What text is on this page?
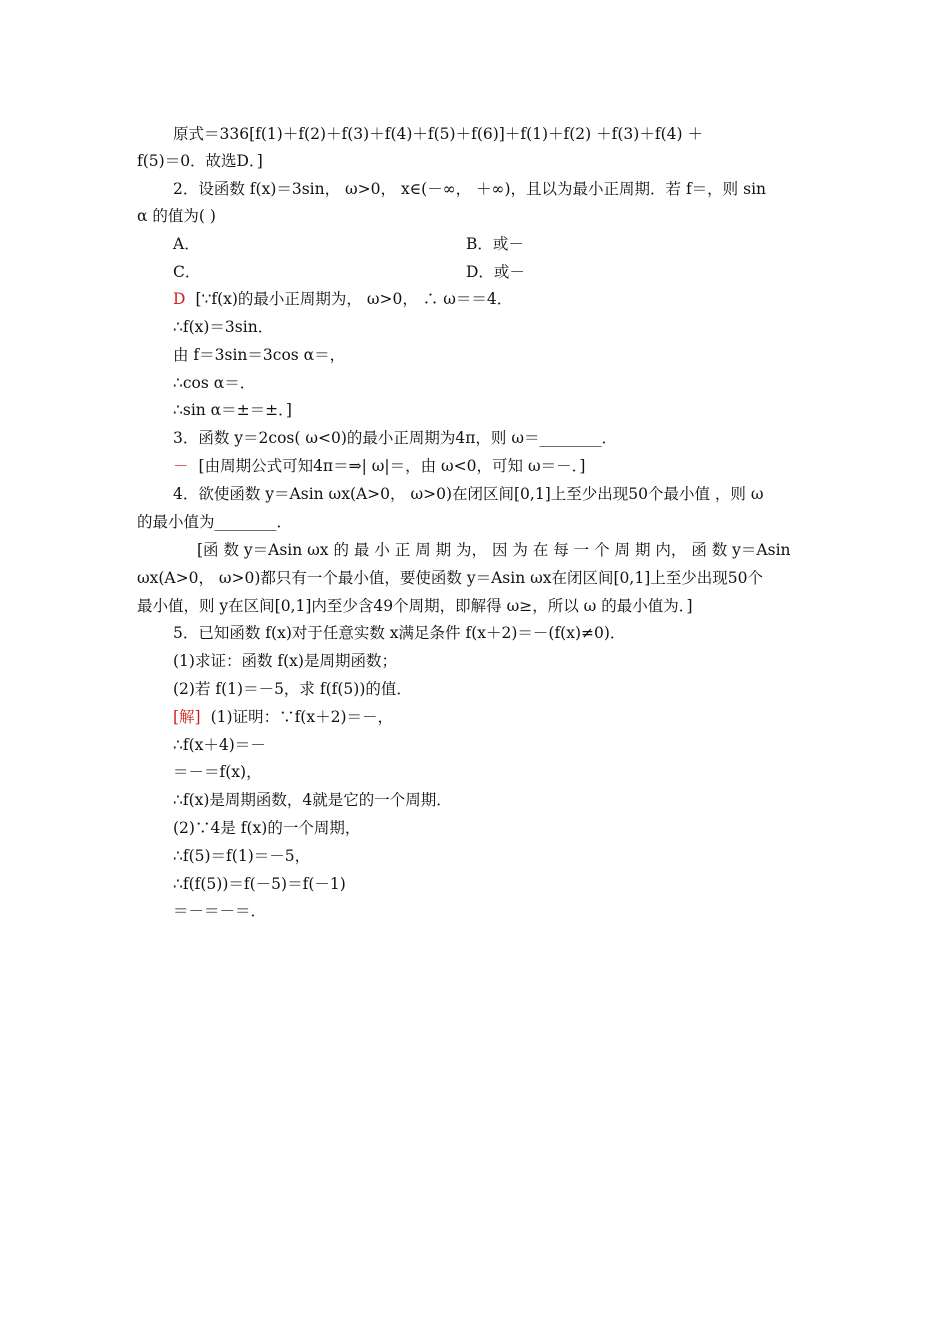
原式＝336[f(1)＋f(2)＋f(3)＋f(4)＋f(5)＋f(6)]＋f(1)＋f(2) ＋f(3)＋f(4) ＋
f(5)＝0．故选D．]
2．设函数 f(x)＝3sin， ω>0， x∈(－∞， ＋∞)，且以为最小正周期．若 f＝，则 sin
α 的值为( )
A．	B．或－
C．	D．或－
D [∵f(x)的最小正周期为， ω>0， ∴ ω＝＝4．
∴f(x)＝3sin．
由 f＝3sin＝3cos α＝，
∴cos α＝．
∴sin α＝±＝±．]
3．函数 y＝2cos( ω<0)的最小正周期为4π，则 ω＝________．
－ [由周期公式可知4π＝⇒| ω|＝，由 ω<0，可知 ω＝－．]
4．欲使函数 y＝Asin ωx(A>0， ω>0)在闭区间[0,1]上至少出现50个最小值 ，则 ω
的最小值为________．
[函 数 y＝Asin ωx 的 最 小 正 周 期 为， 因 为 在 每 一 个 周 期 内， 函 数 y＝Asin
ωx(A>0， ω>0)都只有一个最小值，要使函数 y＝Asin ωx在闭区间[0,1]上至少出现50个
最小值，则 y在区间[0,1]内至少含49个周期，即解得 ω≥，所以 ω 的最小值为．]
5．已知函数 f(x)对于任意实数 x满足条件 f(x＋2)＝－(f(x)≠0)．
(1)求证：函数 f(x)是周期函数；
(2)若 f(1)＝－5，求 f(f(5))的值．
[解] (1)证明：∵f(x＋2)＝－，
∴f(x＋4)＝－
＝－＝f(x)，
∴f(x)是周期函数，4就是它的一个周期．
(2)∵4是 f(x)的一个周期，
∴f(5)＝f(1)＝－5，
∴f(f(5))＝f(－5)＝f(－1)
＝－＝－＝．
